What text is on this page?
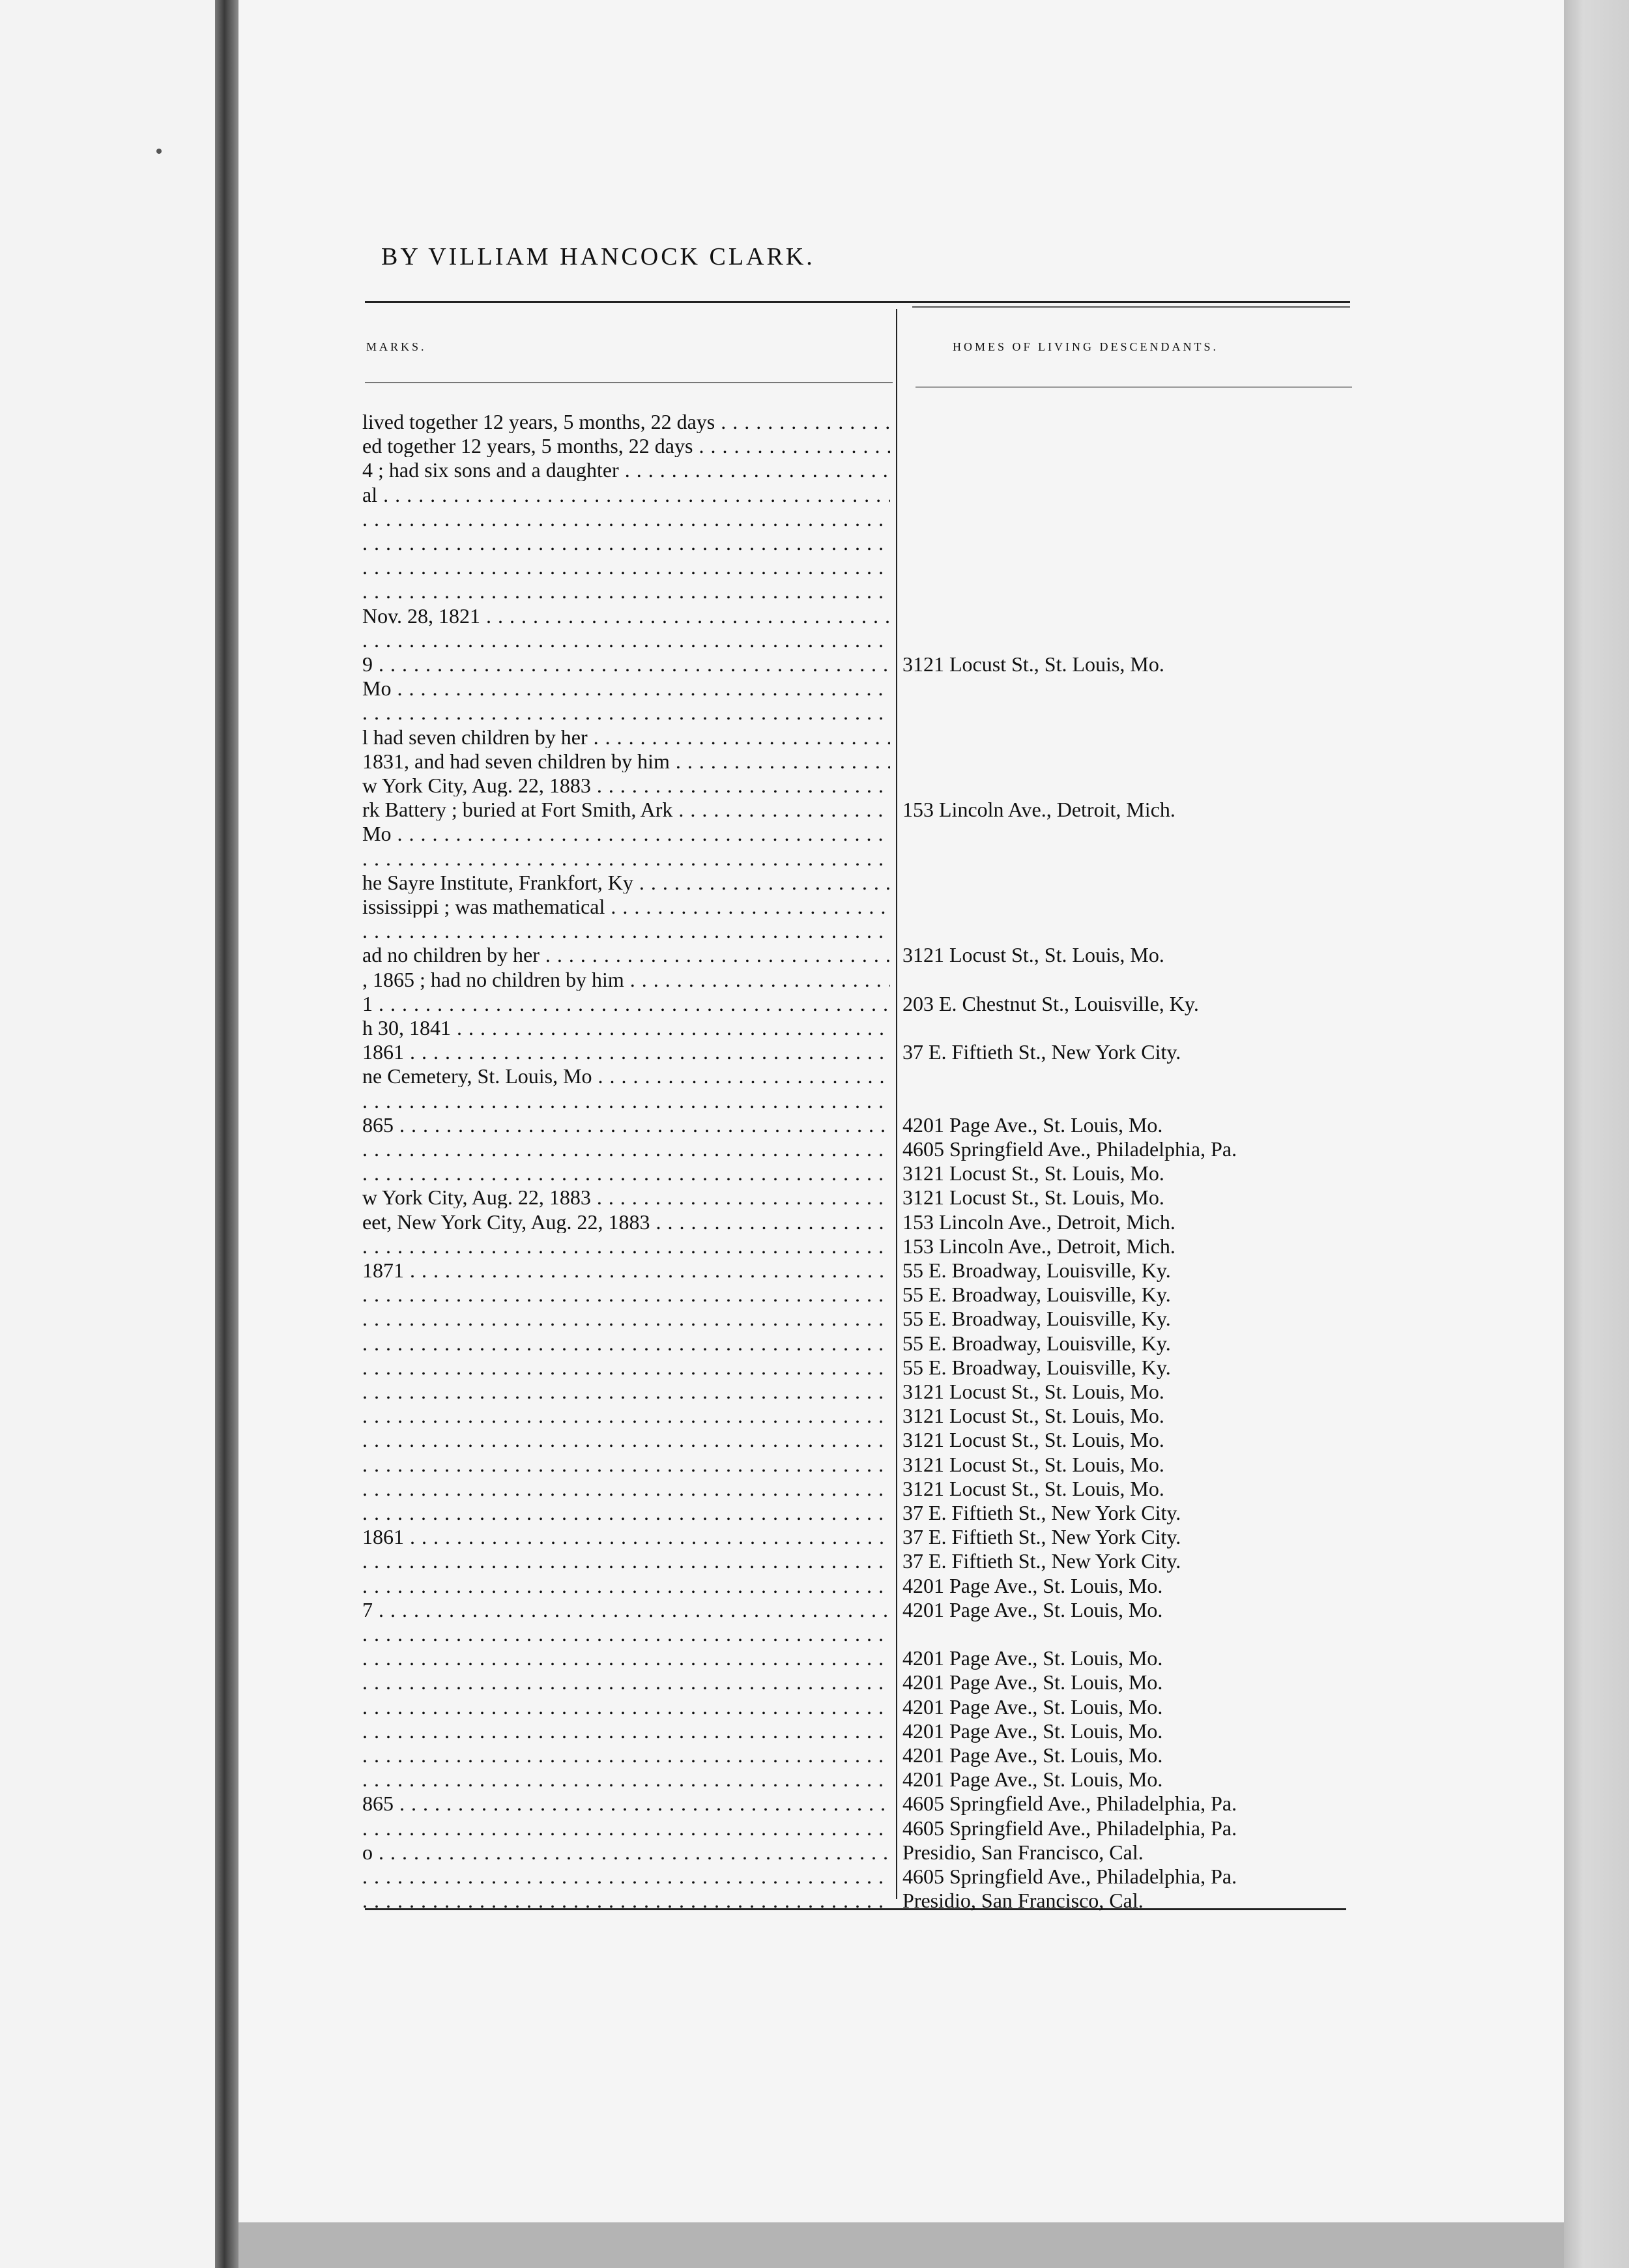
BY VILLIAM HANCOCK CLARK.
MARKS.	HOMES OF LIVING DESCENDANTS.
lived together 12 years, 5 months, 22 days . . .
ed together 12 years, 5 months, 22 days . . .
4 ; had six sons and a daughter . . .
al . . .
. . .
. . .
. . .
. . .
Nov. 28, 1821 . . .
. . .
9 . . .
Mo . . .
. . .
l had seven children by her . . .
1831, and had seven children by him . . .
w York City, Aug. 22, 1883 . . .
rk Battery ; buried at Fort Smith, Ark . . .
Mo . . .
. . .
he Sayre Institute, Frankfort, Ky . . .
ississippi ; was mathematical . . .
. . .
ad no children by her . . .
, 1865 ; had no children by him . . .
1 . . .
h 30, 1841 . . .
1861 . . .
ne Cemetery, St. Louis, Mo . . .
. . .
865 . . .
. . .
. . .
w York City, Aug. 22, 1883 . . .
eet, New York City, Aug. 22, 1883 . . .
. . .
1871 . . .
. . .
. . .
. . .
. . .
. . .
. . .
. . .
. . .
. . .
. . .
1861 . . .
. . .
. . .
7 . . .
. . .
. . .
. . .
. . .
. . .
. . .
. . .
865 . . .
. . .
o . . .
. . .
. . .
3121 Locust St., St. Louis, Mo.
153 Lincoln Ave., Detroit, Mich.
3121 Locust St., St. Louis, Mo.
203 E. Chestnut St., Louisville, Ky.
37 E. Fiftieth St., New York City.
4201 Page Ave., St. Louis, Mo.
4605 Springfield Ave., Philadelphia, Pa.
3121 Locust St., St. Louis, Mo.
3121 Locust St., St. Louis, Mo.
153 Lincoln Ave., Detroit, Mich.
153 Lincoln Ave., Detroit, Mich.
55 E. Broadway, Louisville, Ky.
55 E. Broadway, Louisville, Ky.
55 E. Broadway, Louisville, Ky.
55 E. Broadway, Louisville, Ky.
55 E. Broadway, Louisville, Ky.
3121 Locust St., St. Louis, Mo.
3121 Locust St., St. Louis, Mo.
3121 Locust St., St. Louis, Mo.
3121 Locust St., St. Louis, Mo.
3121 Locust St., St. Louis, Mo.
37 E. Fiftieth St., New York City.
37 E. Fiftieth St., New York City.
37 E. Fiftieth St., New York City.
4201 Page Ave., St. Louis, Mo.
4201 Page Ave., St. Louis, Mo.
4201 Page Ave., St. Louis, Mo.
4201 Page Ave., St. Louis, Mo.
4201 Page Ave., St. Louis, Mo.
4201 Page Ave., St. Louis, Mo.
4201 Page Ave., St. Louis, Mo.
4201 Page Ave., St. Louis, Mo.
4605 Springfield Ave., Philadelphia, Pa.
4605 Springfield Ave., Philadelphia, Pa.
Presidio, San Francisco, Cal.
4605 Springfield Ave., Philadelphia, Pa.
Presidio, San Francisco, Cal.
